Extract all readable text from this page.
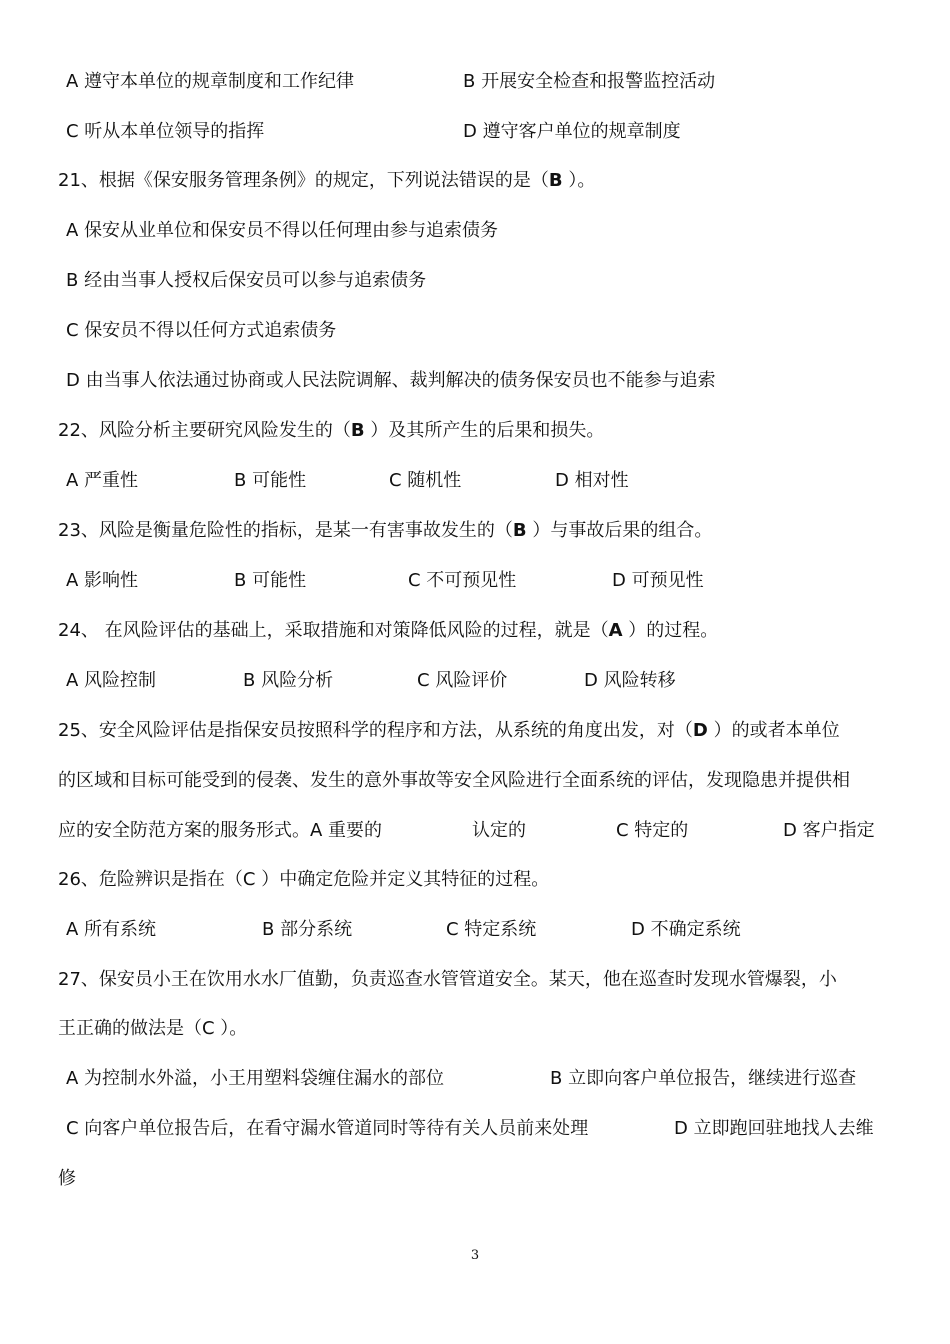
A 遵守本单位的规章制度和工作纪律	B 开展安全检查和报警监控活动
C 听从本单位领导的指挥	D 遵守客户单位的规章制度
21、根据《保安服务管理条例》的规定，下列说法错误的是（B ）。
A 保安从业单位和保安员不得以任何理由参与追索债务
B 经由当事人授权后保安员可以参与追索债务
C 保安员不得以任何方式追索债务
D 由当事人依法通过协商或人民法院调解、裁判解决的债务保安员也不能参与追索
22、风险分析主要研究风险发生的（B ）及其所产生的后果和损失。
A 严重性	B 可能性	C 随机性	D 相对性
23、风险是衡量危险性的指标，是某一有害事故发生的（B ）与事故后果的组合。
A 影响性	B 可能性	C 不可预见性	D 可预见性
24、 在风险评估的基础上，采取措施和对策降低风险的过程，就是（A ）的过程。
A 风险控制	B 风险分析	C 风险评价	D 风险转移
25、安全风险评估是指保安员按照科学的程序和方法，从系统的角度出发，对（D ）的或者本单位
的区域和目标可能受到的侵袭、发生的意外事故等安全风险进行全面系统的评估，发现隐患并提供相
应的安全防范方案的服务形式。A 重要的	认定的	C 特定的	D 客户指定
26、危险辨识是指在（C ）中确定危险并定义其特征的过程。
A 所有系统	B 部分系统	C 特定系统	D 不确定系统
27、保安员小王在饮用水水厂值勤，负责巡查水管管道安全。某天，他在巡查时发现水管爆裂，小
王正确的做法是（C ）。
A 为控制水外溢，小王用塑料袋缠住漏水的部位	B 立即向客户单位报告，继续进行巡查
C 向客户单位报告后，在看守漏水管道同时等待有关人员前来处理	D 立即跑回驻地找人去维
修
3
